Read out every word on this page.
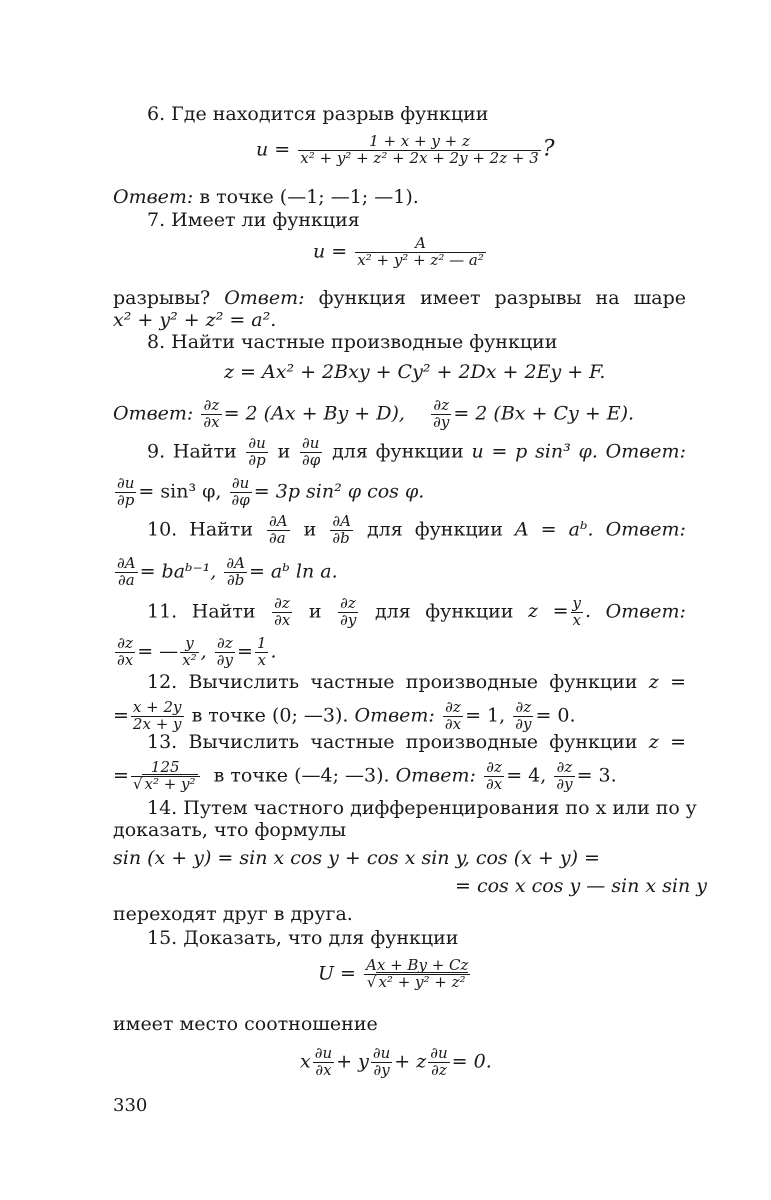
6. Где находится разрыв функции
$u = \frac{1 + x + y + z}{\text{x² + y² + z² + 2x + 2y + 2z + 3}}$ ?
Ответ: в точке (—1; —1; —1).
7. Имеет ли функция
$u = \frac{A}{\text{x² + y² + z² — a²}}$
разрывы? Ответ: функция имеет разрывы на шаре
x² + y² + z² = a².
8. Найти частные производные функции
z = Ax² + 2Bxy + Cy² + 2Dx + 2Ey + F.
Ответ: $\frac{\partial z}{\partial x} = 2$ (Ax + By + D), $\frac{\partial z}{\partial y} = 2$ (Bx + Cy + E).
9. Найти $\frac{\partial u}{\partial p}$ и $\frac{\partial u}{\partial\varphi}$ для функции u = p sin³ φ. Ответ:
$\frac{\partial u}{\partial p} = \sin^3$ φ, $\frac{\partial u}{\partial\varphi} = 3p$ sin² φ cos φ.
10. Найти $\frac{\partial A}{\partial a}$ и $\frac{\partial A}{\partial b}$ для функции A = aᵇ. Ответ:
$\frac{\partial A}{\partial a}$ = baᵇ⁻¹, $\frac{\partial A}{\partial b}$ = aᵇ ln a.
11. Найти $\frac{\partial z}{\partial x}$ и $\frac{\partial z}{\partial y}$ для функции $z = \frac{y}{x}$ . Ответ:
$\frac{\partial z}{\partial x}$ = — $\frac{y}{\text{x²}}$ , $\frac{\partial z}{\partial y} = \frac{1}{x}$ .
12. Вычислить частные производные функции z =
= $\frac{x + 2y}{2x + y}$ в точке (0; —3). Ответ: $\frac{\partial z}{\partial x} = 1$, $\frac{\partial z}{\partial y} = 0$.
13. Вычислить частные производные функции z =
= $\frac{125}{\text{√ x² + y²}}$ в точке (—4; —3). Ответ: $\frac{\partial z}{\partial x} = 4$, $\frac{\partial z}{\partial y} = 3$.
14. Путем частного дифференцирования по x или по y
доказать, что формулы
sin (x + y) = sin x cos y + cos x sin y, cos (x + y) =
= cos x cos y — sin x sin y
переходят друг в друга.
15. Доказать, что для функции
$U = \frac{Ax + By + Cz}{\text{√ x² + y² + z²}}$
имеет место соотношение
x $\frac{\partial u}{\partial x} + y \frac{\partial u}{\partial y} + z \frac{\partial u}{\partial z} = 0$.
330
